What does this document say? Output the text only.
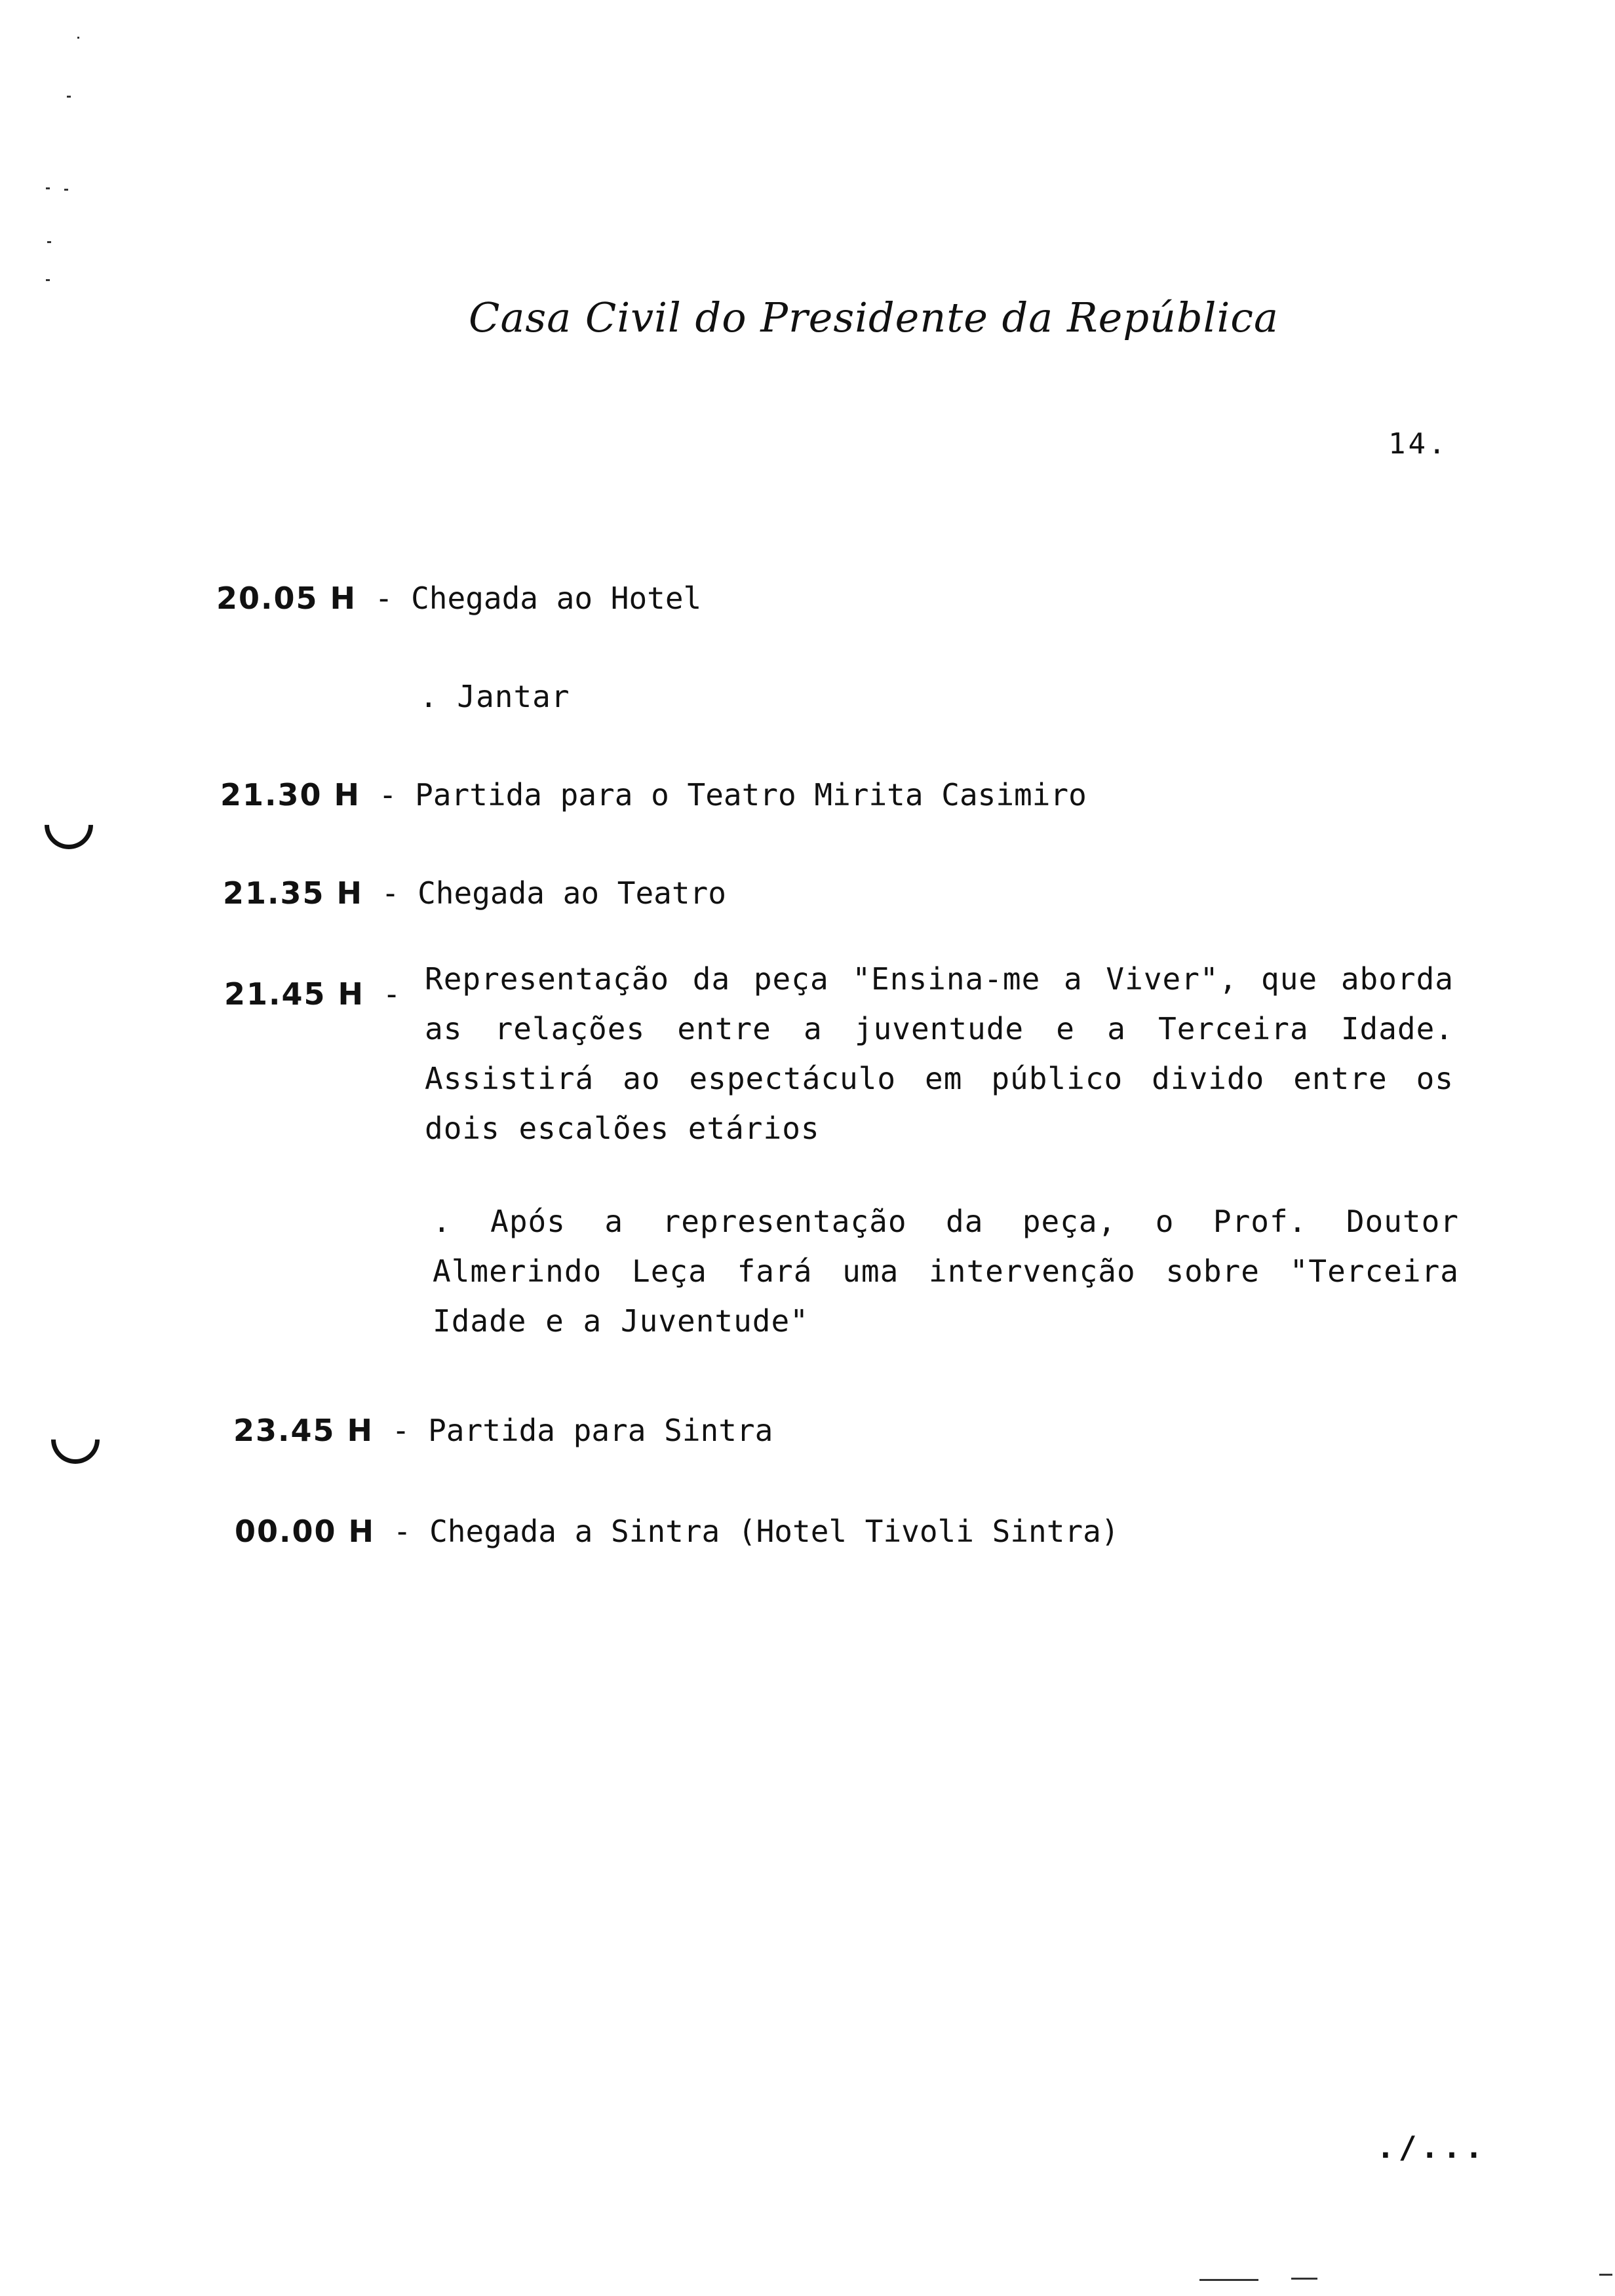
Casa Civil do Presidente da República
14.
20.05 H - Chegada ao Hotel
. Jantar
21.30 H - Partida para o Teatro Mirita Casimiro
21.35 H - Chegada ao Teatro
21.45 H - Representação da peça "Ensina-me a Viver", que aborda as relações entre a juventude e a Terceira Idade. Assistirá ao espectáculo em público divido entre os dois escalões etários
. Após a representação da peça, o Prof. Doutor Almerindo Leça fará uma intervenção sobre "Terceira Idade e a Juventude"
23.45 H - Partida para Sintra
00.00 H - Chegada a Sintra (Hotel Tivoli Sintra)
./...
